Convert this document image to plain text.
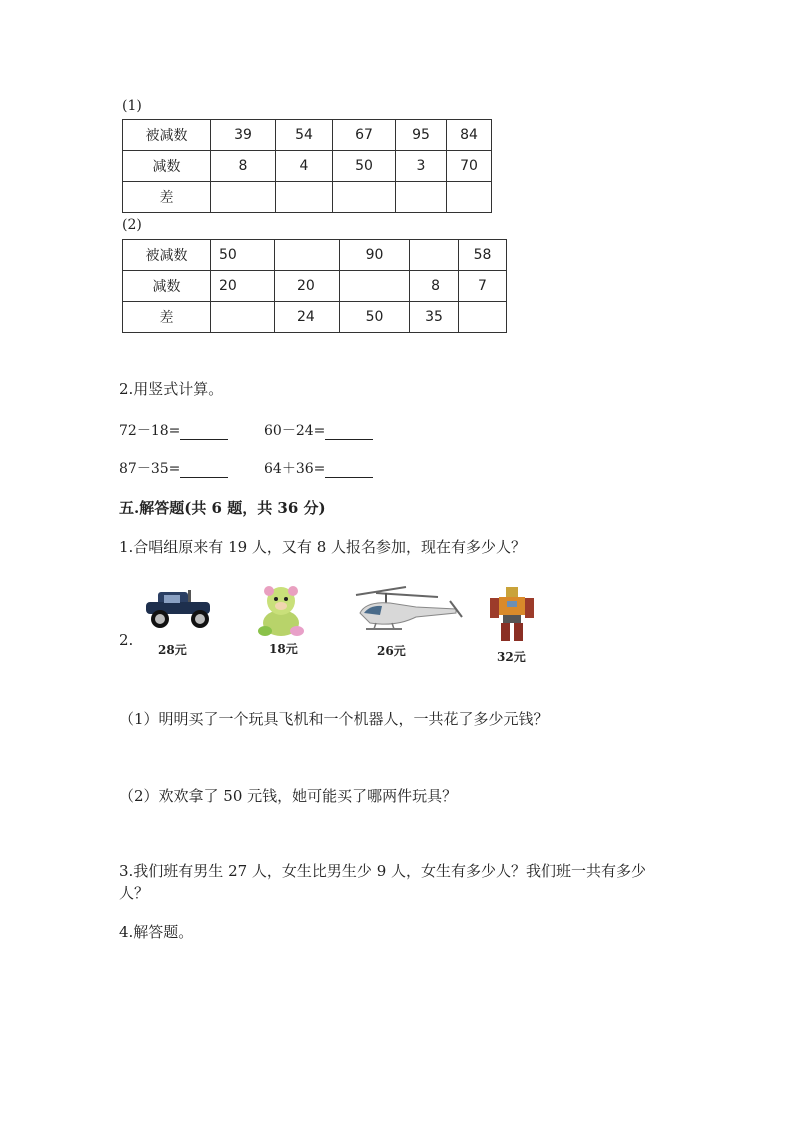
(1)
被减数	39	54	67	95	84
减数	8	4	50	3	70
差					
(2)
被减数	50		90		58
减数	20	20		8	7
差		24	50	35	
2.用竖式计算。
72－18=	60－24=
87－35=	64＋36=
五.解答题(共 6 题，共 36 分)
1.合唱组原来有 19 人，又有 8 人报名参加，现在有多少人？
2.
28元	18元	26元	32元
（1）明明买了一个玩具飞机和一个机器人，一共花了多少元钱？
（2）欢欢拿了 50 元钱，她可能买了哪两件玩具？
3.我们班有男生 27 人，女生比男生少 9 人，女生有多少人？我们班一共有多少
人？
4.解答题。
